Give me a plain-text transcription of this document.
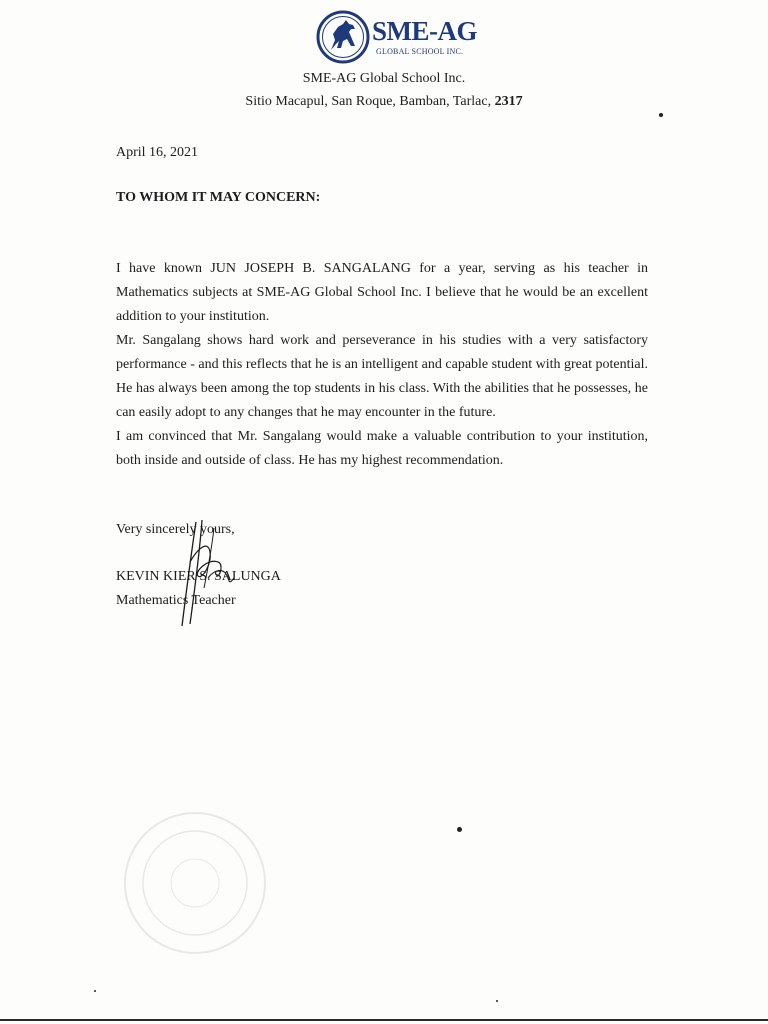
SME-AG
GLOBAL SCHOOL INC.
SME-AG Global School Inc.
Sitio Macapul, San Roque, Bamban, Tarlac, 2317
April 16, 2021
TO WHOM IT MAY CONCERN:

I have known JUN JOSEPH B. SANGALANG for a year, serving as his teacher in Mathematics subjects at SME-AG Global School Inc. I believe that he would be an excellent addition to your institution.

Mr. Sangalang shows hard work and perseverance in his studies with a very satisfactory performance - and this reflects that he is an intelligent and capable student with great potential. He has always been among the top students in his class. With the abilities that he possesses, he can easily adopt to any changes that he may encounter in the future.

I am convinced that Mr. Sangalang would make a valuable contribution to your institution, both inside and outside of class. He has my highest recommendation.

Very sincerely yours,
KEVIN KIER S. SALUNGA
Mathematics Teacher
